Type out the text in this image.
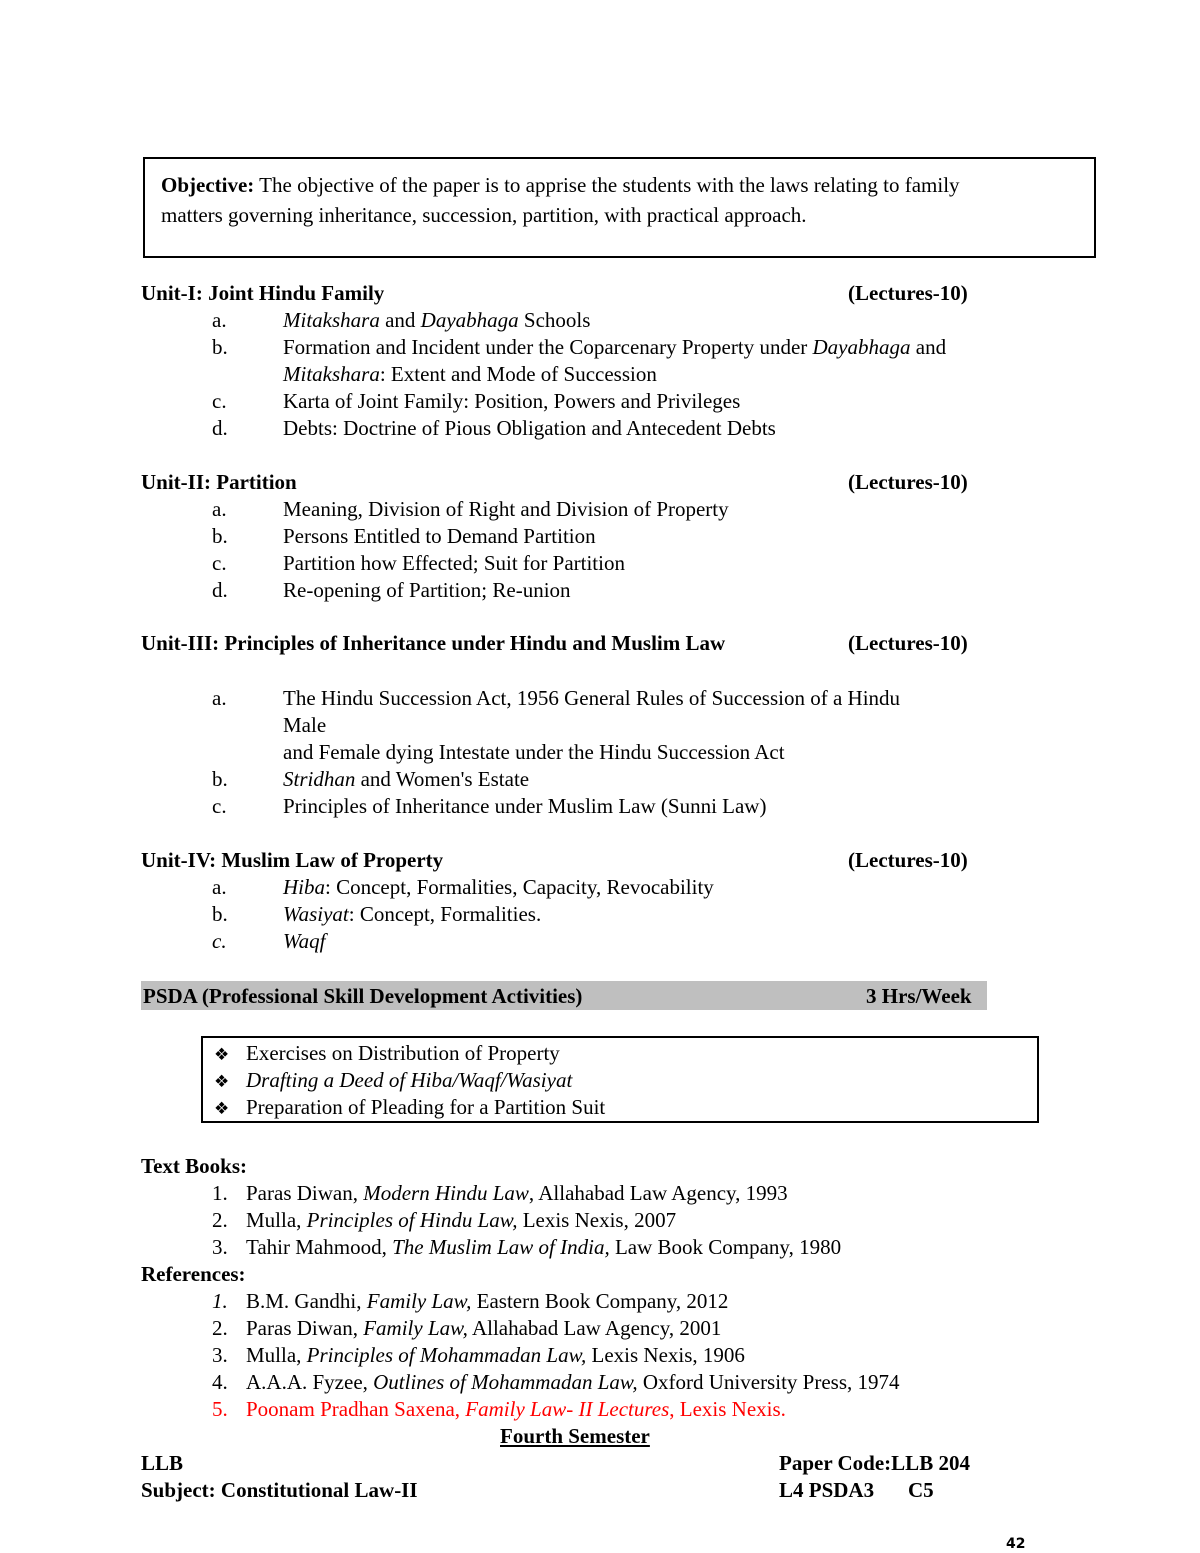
Objective: The objective of the paper is to apprise the students with the laws relating to family
matters governing inheritance, succession, partition, with practical approach.
Unit-I: Joint Hindu Family	(Lectures-10)
a.	Mitakshara and Dayabhaga Schools
b.	Formation and Incident under the Coparcenary Property under Dayabhaga and
Mitakshara: Extent and Mode of Succession
c.	Karta of Joint Family: Position, Powers and Privileges
d.	Debts: Doctrine of Pious Obligation and Antecedent Debts
Unit-II: Partition	(Lectures-10)
a.	Meaning, Division of Right and Division of Property
b.	Persons Entitled to Demand Partition
c.	Partition how Effected; Suit for Partition
d.	Re-opening of Partition; Re-union
Unit-III: Principles of Inheritance under Hindu and Muslim Law	(Lectures-10)
a.	The Hindu Succession Act, 1956 General Rules of Succession of a Hindu
Male
and Female dying Intestate under the Hindu Succession Act
b.	Stridhan and Women's Estate
c.	Principles of Inheritance under Muslim Law (Sunni Law)
Unit-IV: Muslim Law of Property	(Lectures-10)
a.	Hiba: Concept, Formalities, Capacity, Revocability
b.	Wasiyat: Concept, Formalities.
c.	Waqf
PSDA (Professional Skill Development Activities)	3 Hrs/Week
❖ Exercises on Distribution of Property
❖ Drafting a Deed of Hiba/Waqf/Wasiyat
❖ Preparation of Pleading for a Partition Suit
Text Books:
1. Paras Diwan, Modern Hindu Law, Allahabad Law Agency, 1993
2. Mulla, Principles of Hindu Law, Lexis Nexis, 2007
3. Tahir Mahmood, The Muslim Law of India, Law Book Company, 1980
References:
1. B.M. Gandhi, Family Law, Eastern Book Company, 2012
2. Paras Diwan, Family Law, Allahabad Law Agency, 2001
3. Mulla, Principles of Mohammadan Law, Lexis Nexis, 1906
4. A.A.A. Fyzee, Outlines of Mohammadan Law, Oxford University Press, 1974
5. Poonam Pradhan Saxena, Family Law- II Lectures, Lexis Nexis.
Fourth Semester
LLB	Paper Code:LLB 204
Subject: Constitutional Law-II	L4 PSDA3 C5
42
